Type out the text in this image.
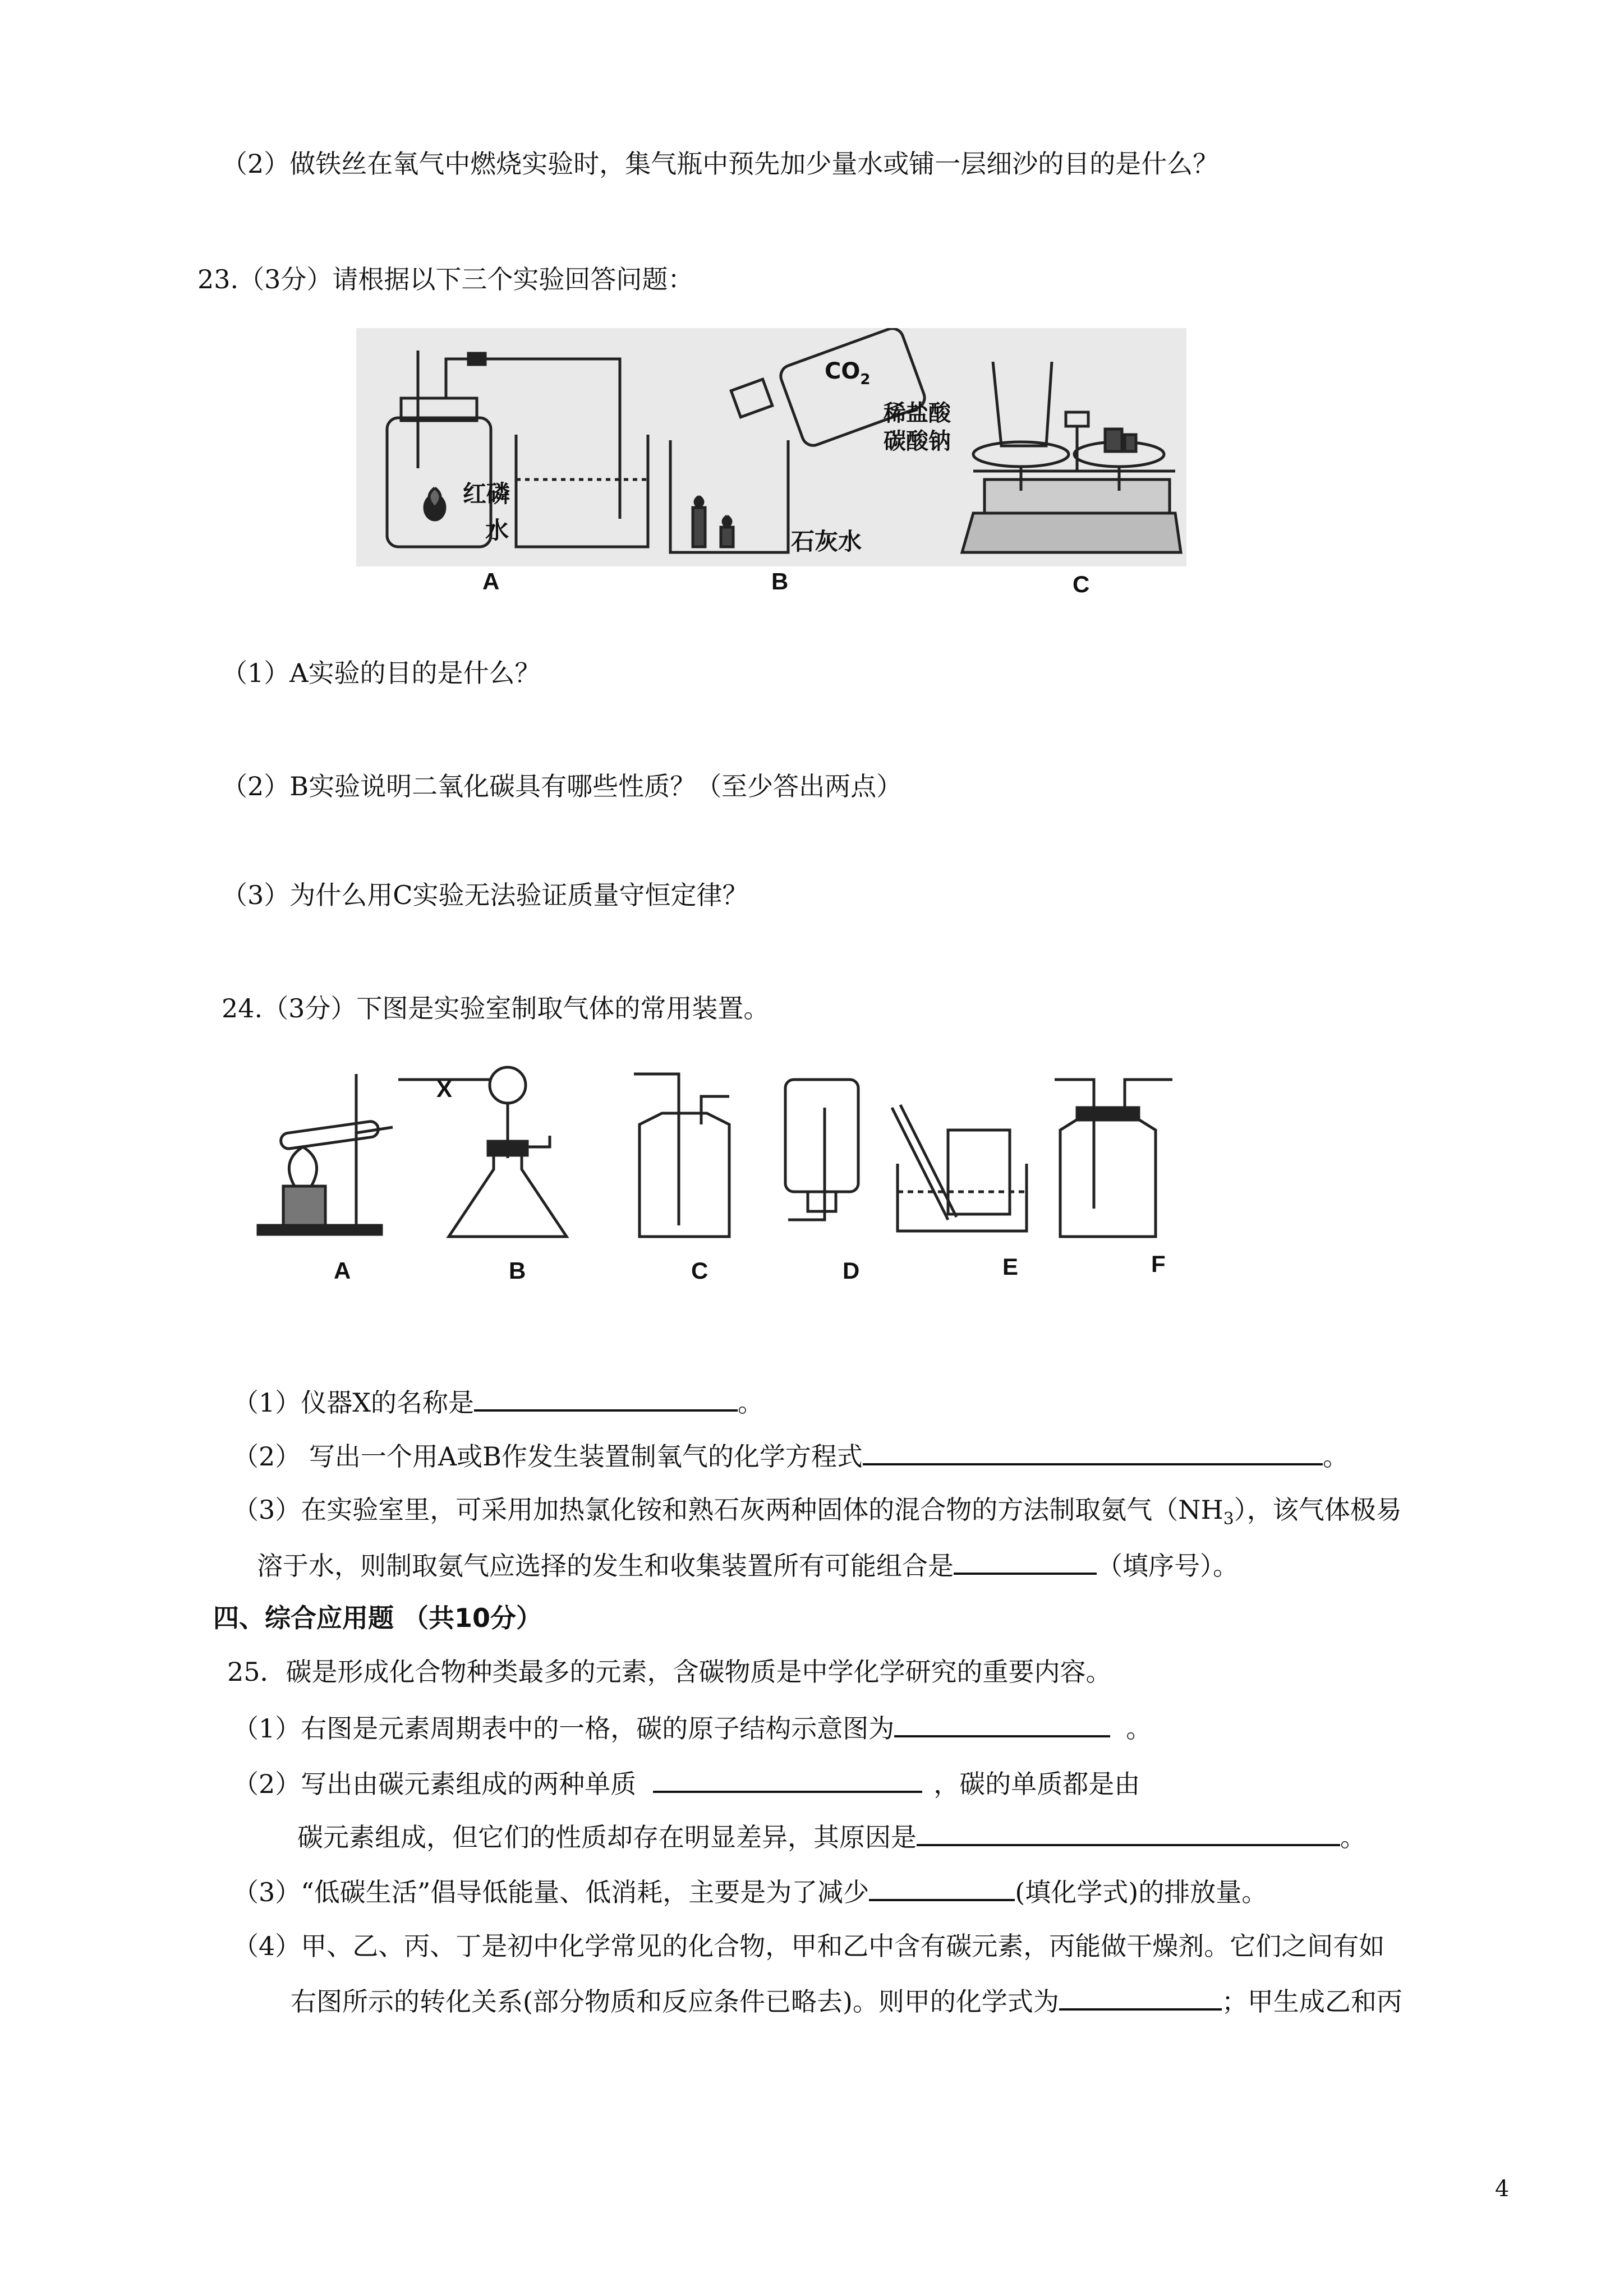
（2）做铁丝在氧气中燃烧实验时，集气瓶中预先加少量水或铺一层细沙的目的是什么？
23.（3分）请根据以下三个实验回答问题：
红磷
水
$CO_2$
石灰水
稀盐酸
碳酸钠
A	B	C
（1）A实验的目的是什么？
（2）B实验说明二氧化碳具有哪些性质？（至少答出两点）
（3）为什么用C实验无法验证质量守恒定律？
24.（3分）下图是实验室制取气体的常用装置。
A	B	C	D	E	F
X
（1）仪器X的名称是	。
（2） 写出一个用A或B作发生装置制氧气的化学方程式	。
（3）在实验室里，可采用加热氯化铵和熟石灰两种固体的混合物的方法制取氨气$(NH_3)$，该气体极易
溶于水，则制取氨气应选择的发生和收集装置所有可能组合是	（填序号）。
四、综合应用题 （共10分）
25．碳是形成化合物种类最多的元素，含碳物质是中学化学研究的重要内容。
（1）右图是元素周期表中的一格，碳的原子结构示意图为	。
（2）写出由碳元素组成的两种单质	，碳的单质都是由
碳元素组成，但它们的性质却存在明显差异，其原因是	。
（3）“低碳生活”倡导低能量、低消耗，主要是为了减少	(填化学式)的排放量。
（4）甲、乙、丙、丁是初中化学常见的化合物，甲和乙中含有碳元素，丙能做干燥剂。它们之间有如
右图所示的转化关系(部分物质和反应条件已略去)。则甲的化学式为	；甲生成乙和丙
4
